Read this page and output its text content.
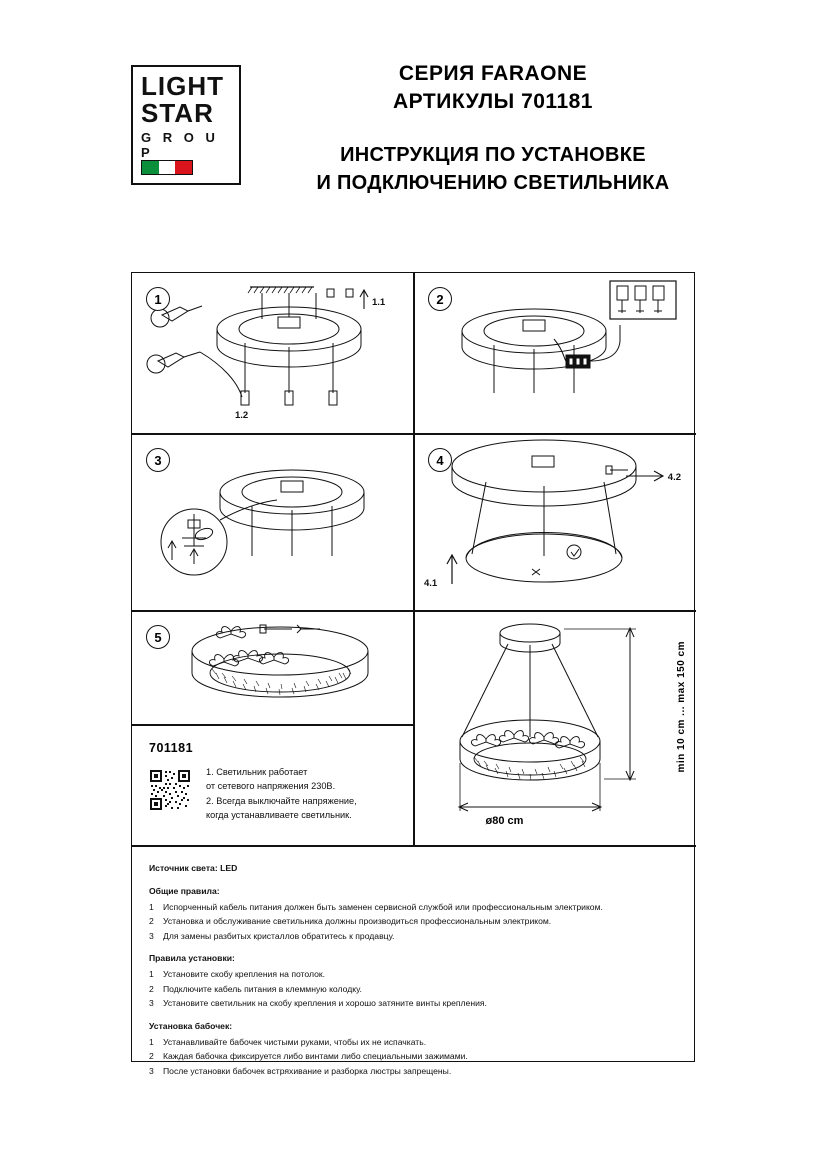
LIGHT
STAR
G R O U P
СЕРИЯ FARAONE
АРТИКУЛЫ 701181
ИНСТРУКЦИЯ ПО УСТАНОВКЕ
И ПОДКЛЮЧЕНИЮ СВЕТИЛЬНИКА
1	1.1
1.2
2
3	4
4.2
4.1
5
701181
1. Светильник работает
от сетевого напряжения 230В.
2. Всегда выключайте напряжение,
когда устанавливаете светильник.
min 10 cm ... max 150 cm
ø80 cm
Источник света: LED
Общие правила:
1 Испорченный кабель питания должен быть заменен сервисной службой или профессиональным электриком.
2 Установка и обслуживание светильника должны производиться профессиональным электриком.
3 Для замены разбитых кристаллов обратитесь к продавцу.
Правила установки:
1 Установите скобу крепления на потолок.
2 Подключите кабель питания в клеммную колодку.
3 Установите светильник на скобу крепления и хорошо затяните винты крепления.
Установка бабочек:
1 Устанавливайте бабочек чистыми руками, чтобы их не испачкать.
2 Каждая бабочка фиксируется либо винтами либо специальными зажимами.
3 После установки бабочек встряхивание и разборка люстры запрещены.
